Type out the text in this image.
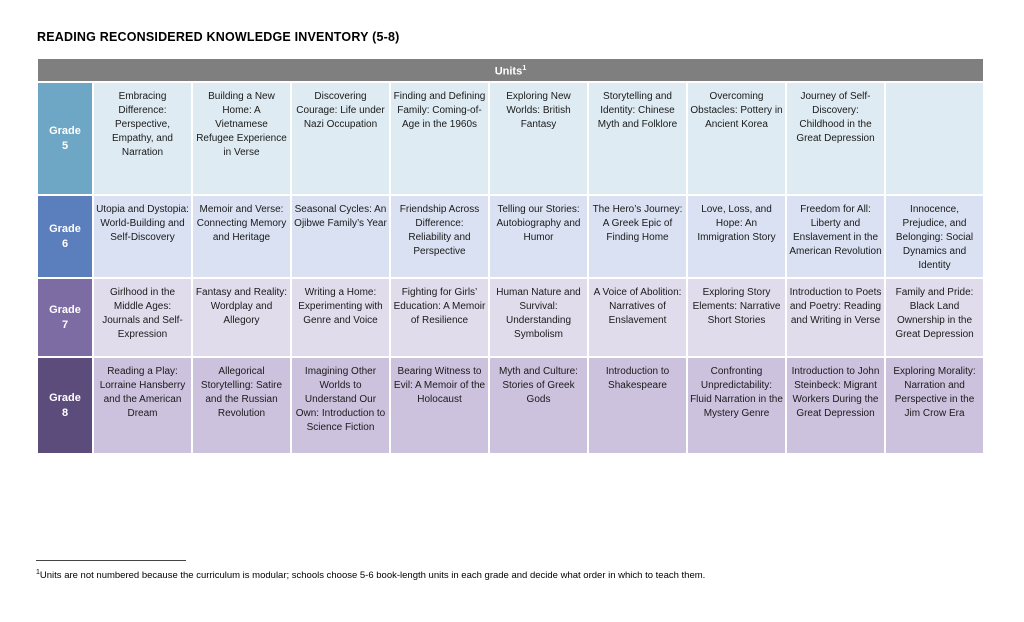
READING RECONSIDERED KNOWLEDGE INVENTORY (5-8)
Units$^1$
Grade 5	Embracing Difference: Perspective, Empathy, and Narration	Building a New Home: A Vietnamese Refugee Experience in Verse	Discovering Courage: Life under Nazi Occupation	Finding and Defining Family: Coming-of-Age in the 1960s	Exploring New Worlds: British Fantasy	Storytelling and Identity: Chinese Myth and Folklore	Overcoming Obstacles: Pottery in Ancient Korea	Journey of Self-Discovery: Childhood in the Great Depression	
Grade 6	Utopia and Dystopia: World-Building and Self-Discovery	Memoir and Verse: Connecting Memory and Heritage	Seasonal Cycles: An Ojibwe Family’s Year	Friendship Across Difference: Reliability and Perspective	Telling our Stories: Autobiography and Humor	The Hero’s Journey: A Greek Epic of Finding Home	Love, Loss, and Hope: An Immigration Story	Freedom for All: Liberty and Enslavement in the American Revolution	Innocence, Prejudice, and Belonging: Social Dynamics and Identity
Grade 7	Girlhood in the Middle Ages: Journals and Self-Expression	Fantasy and Reality: Wordplay and Allegory	Writing a Home: Experimenting with Genre and Voice	Fighting for Girls’ Education: A Memoir of Resilience	Human Nature and Survival: Understanding Symbolism	A Voice of Abolition: Narratives of Enslavement	Exploring Story Elements: Narrative Short Stories	Introduction to Poets and Poetry: Reading and Writing in Verse	Family and Pride: Black Land Ownership in the Great Depression
Grade 8	Reading a Play: Lorraine Hansberry and the American Dream	Allegorical Storytelling: Satire and the Russian Revolution	Imagining Other Worlds to Understand Our Own: Introduction to Science Fiction	Bearing Witness to Evil: A Memoir of the Holocaust	Myth and Culture: Stories of Greek Gods	Introduction to Shakespeare	Confronting Unpredictability: Fluid Narration in the Mystery Genre	Introduction to John Steinbeck: Migrant Workers During the Great Depression	Exploring Morality: Narration and Perspective in the Jim Crow Era
$^1$Units are not numbered because the curriculum is modular; schools choose 5-6 book-length units in each grade and decide what order in which to teach them.
